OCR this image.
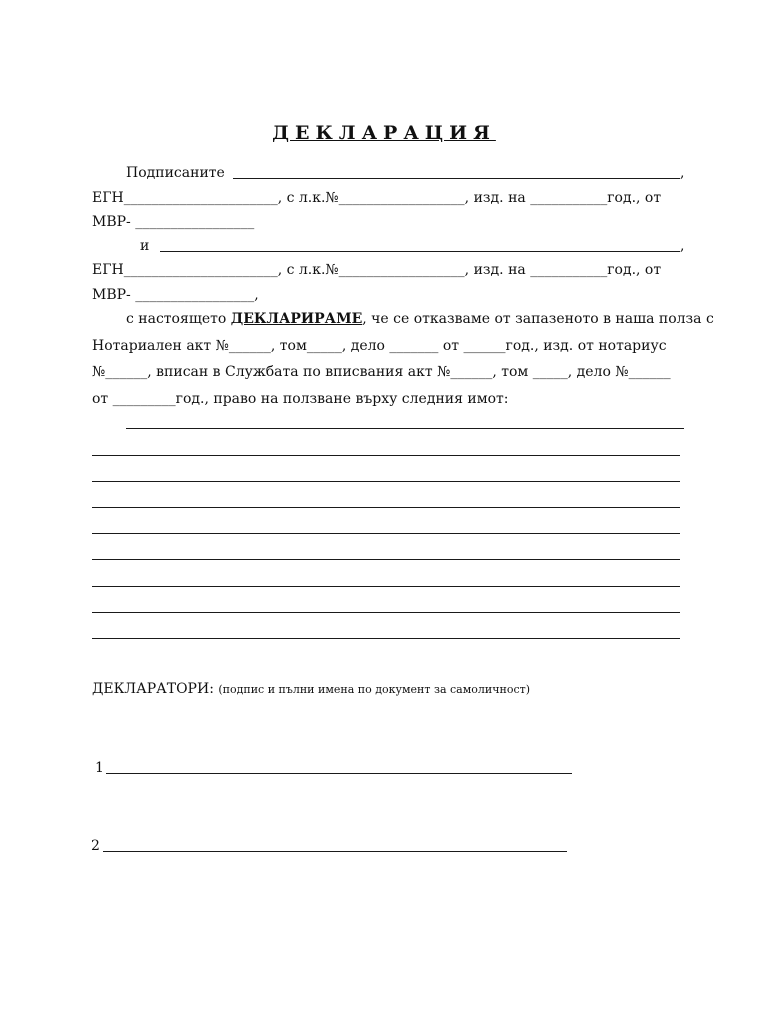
ДЕКЛАРАЦИЯ
Подписаните	,
ЕГН______________________, с л.к.№__________________, изд. на ___________год., от
МВР- _________________
и	,
ЕГН______________________, с л.к.№__________________, изд. на ___________год., от
МВР- _________________,
с настоящето ДЕКЛАРИРАМЕ, че се отказваме от запазеното в наша полза с
Нотариален акт №______, том_____, дело _______ от ______год., изд. от нотариус
№______, вписан в Службата по вписвания акт №______, том _____, дело №______
от _________год., право на ползване върху следния имот:
ДЕКЛАРАТОРИ: (подпис и пълни имена по документ за самоличност)
1
2
